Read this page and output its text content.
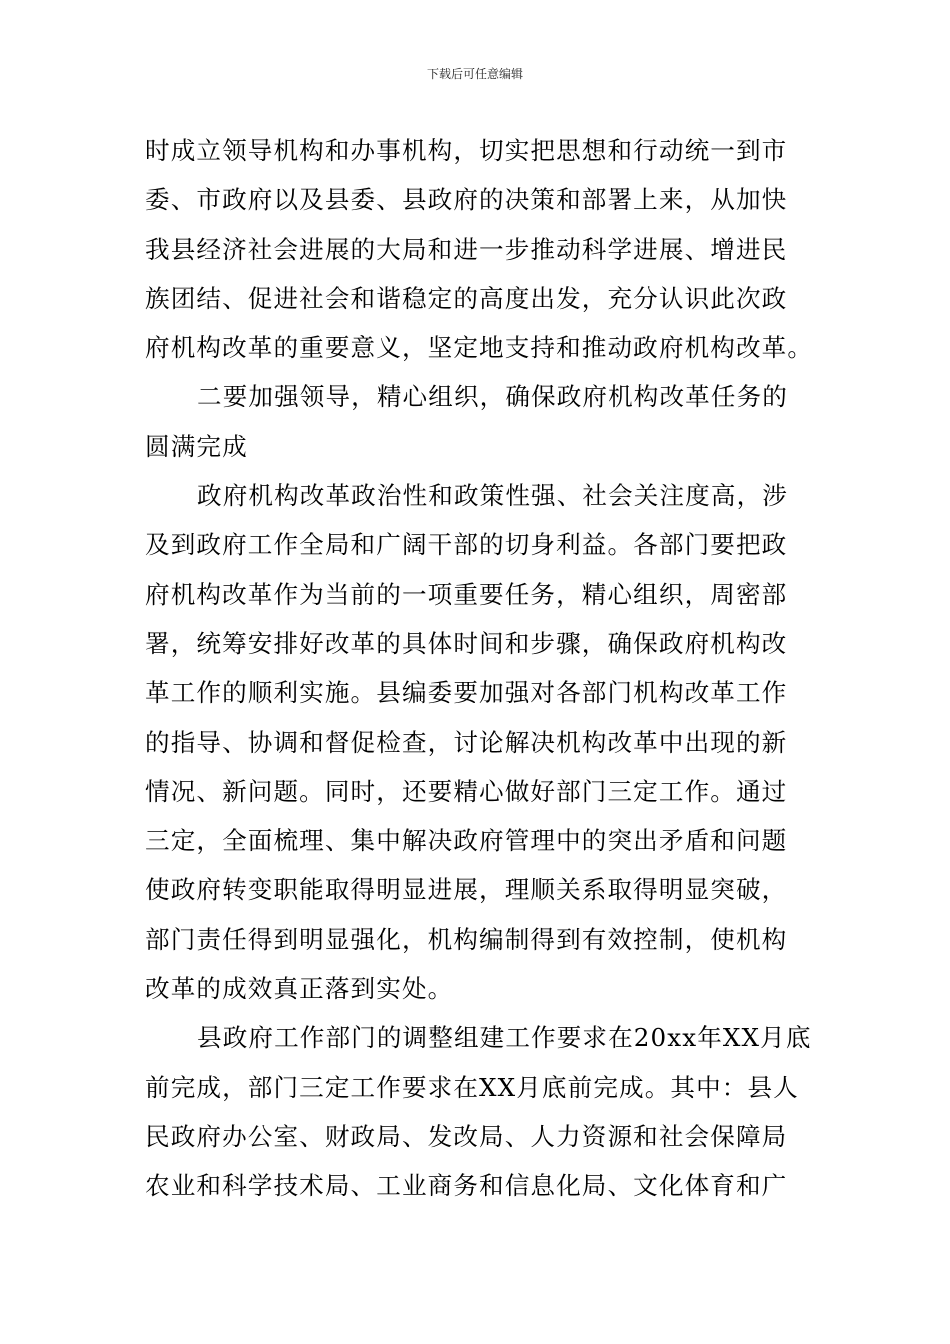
下载后可任意编辑

时成立领导机构和办事机构，切实把思想和行动统一到市
委、市政府以及县委、县政府的决策和部署上来，从加快
我县经济社会进展的大局和进一步推动科学进展、增进民
族团结、促进社会和谐稳定的高度出发，充分认识此次政
府机构改革的重要意义，坚定地支持和推动政府机构改革。

二要加强领导，精心组织，确保政府机构改革任务的
圆满完成

政府机构改革政治性和政策性强、社会关注度高，涉
及到政府工作全局和广阔干部的切身利益。各部门要把政
府机构改革作为当前的一项重要任务，精心组织，周密部
署，统筹安排好改革的具体时间和步骤，确保政府机构改
革工作的顺利实施。县编委要加强对各部门机构改革工作
的指导、协调和督促检查，讨论解决机构改革中出现的新
情况、新问题。同时，还要精心做好部门三定工作。通过
三定，全面梳理、集中解决政府管理中的突出矛盾和问题
使政府转变职能取得明显进展，理顺关系取得明显突破，
部门责任得到明显强化，机构编制得到有效控制，使机构
改革的成效真正落到实处。

县政府工作部门的调整组建工作要求在20xx年XX月底
前完成，部门三定工作要求在XX月底前完成。其中：县人
民政府办公室、财政局、发改局、人力资源和社会保障局
农业和科学技术局、工业商务和信息化局、文化体育和广
